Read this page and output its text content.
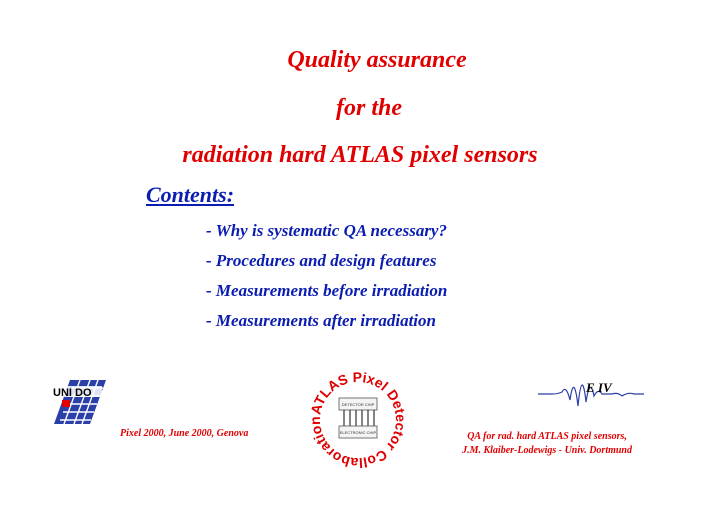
Quality assurance
for the
radiation hard ATLAS pixel sensors
Contents:
- Why is systematic QA necessary?
- Procedures and design features
- Measurements before irradiation
- Measurements after irradiation
UNI DO
ATLAS Pixel Detector Collaboration
DETECTOR CHIP
ELECTRONIC CHIP
E IV
Pixel 2000, June 2000, Genova	QA for rad. hard ATLAS pixel sensors,
J.M. Klaiber-Lodewigs - Univ. Dortmund
